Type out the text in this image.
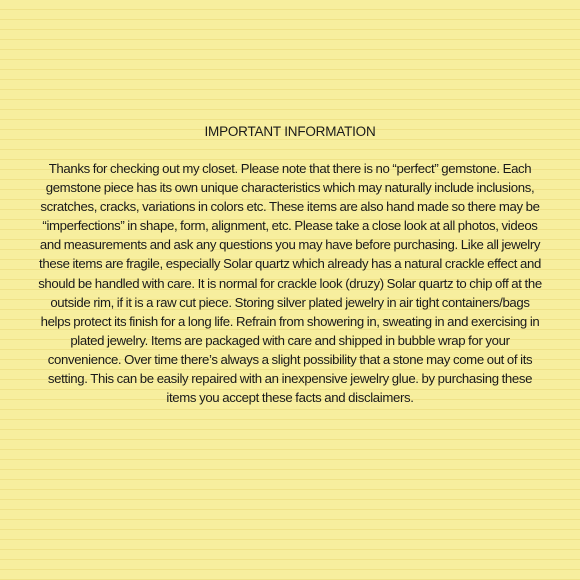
IMPORTANT INFORMATION

Thanks for checking out my closet. Please note that there is no “perfect” gemstone. Each gemstone piece has its own unique characteristics which may naturally include inclusions, scratches, cracks, variations in colors etc. These items are also hand made so there may be “imperfections” in shape, form, alignment, etc. Please take a close look at all photos, videos and measurements and ask any questions you may have before purchasing. Like all jewelry these items are fragile, especially Solar quartz which already has a natural crackle effect and should be handled with care. It is normal for crackle look (druzy) Solar quartz to chip off at the outside rim, if it is a raw cut piece. Storing silver plated jewelry in air tight containers/bags helps protect its finish for a long life. Refrain from showering in, sweating in and exercising in plated jewelry. Items are packaged with care and shipped in bubble wrap for your convenience. Over time there’s always a slight possibility that a stone may come out of its setting. This can be easily repaired with an inexpensive jewelry glue. by purchasing these items you accept these facts and disclaimers.
